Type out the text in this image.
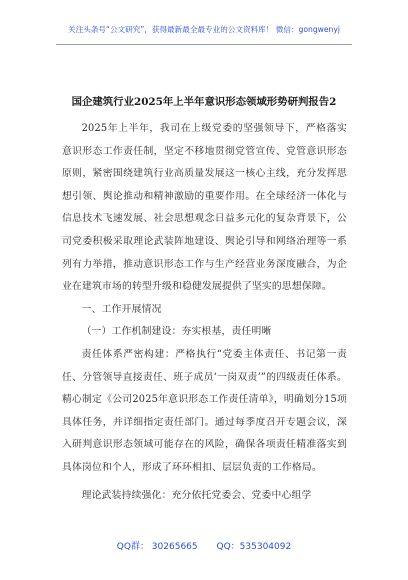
关注头条号“公文研究”，获得最新最全最专业的公文资料库！ 微信：gongwenyj
国企建筑行业2025年上半年意识形态领域形势研判报告2

2025年上半年，我司在上级党委的坚强领导下，严格落实意识形态工作责任制，坚定不移地贯彻党管宣传、党管意识形态原则，紧密围绕建筑行业高质量发展这一核心主线，充分发挥思想引领、舆论推动和精神激励的重要作用。在全球经济一体化与信息技术飞速发展、社会思想观念日益多元化的复杂背景下，公司党委积极采取理论武装阵地建设、舆论引导和网络治理等一系列有力举措，推动意识形态工作与生产经营业务深度融合，为企业在建筑市场的转型升级和稳健发展提供了坚实的思想保障。

一、工作开展情况

（一）工作机制建设：夯实根基，责任明晰

责任体系严密构建：严格执行“党委主体责任、书记第一责任、分管领导直接责任、班子成员‘一岗双责’”的四级责任体系。精心制定《公司2025年意识形态工作责任清单》，明确划分15项具体任务，并详细指定责任部门。通过每季度召开专题会议，深入研判意识形态领域可能存在的风险，确保各项责任精准落实到具体岗位和个人，形成了环环相扣、层层负责的工作格局。

理论武装持续强化：充分依托党委会、党委中心组学

QQ群： 30265665 QQ：535304092
